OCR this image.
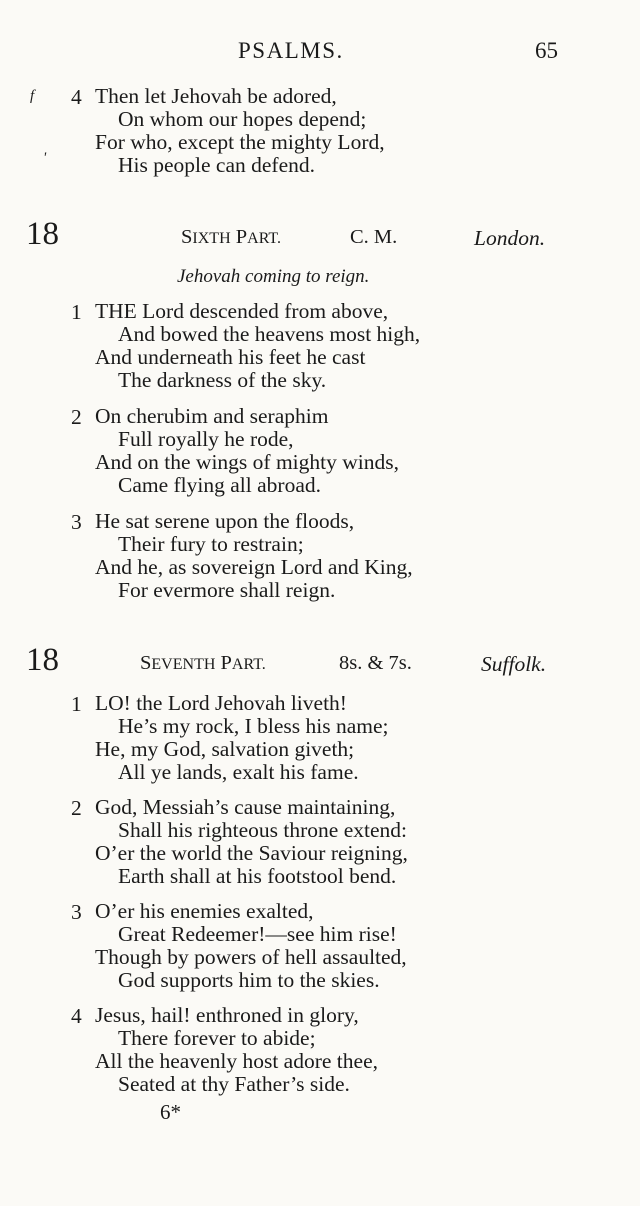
PSALMS.	65
f
'
4 Then let Jehovah be adored,
On whom our hopes depend;
For who, except the mighty Lord,
His people can defend.
18	SIXTH PART.	C. M.	London.
Jehovah coming to reign.
1 THE Lord descended from above,
And bowed the heavens most high,
And underneath his feet he cast
The darkness of the sky.
2 On cherubim and seraphim
Full royally he rode,
And on the wings of mighty winds,
Came flying all abroad.
3 He sat serene upon the floods,
Their fury to restrain;
And he, as sovereign Lord and King,
For evermore shall reign.
18	SEVENTH PART.	8s. & 7s.	Suffolk.
1 LO! the Lord Jehovah liveth!
He’s my rock, I bless his name;
He, my God, salvation giveth;
All ye lands, exalt his fame.
2 God, Messiah’s cause maintaining,
Shall his righteous throne extend:
O’er the world the Saviour reigning,
Earth shall at his footstool bend.
3 O’er his enemies exalted,
Great Redeemer!—see him rise!
Though by powers of hell assaulted,
God supports him to the skies.
4 Jesus, hail! enthroned in glory,
There forever to abide;
All the heavenly host adore thee,
Seated at thy Father’s side.
6*
